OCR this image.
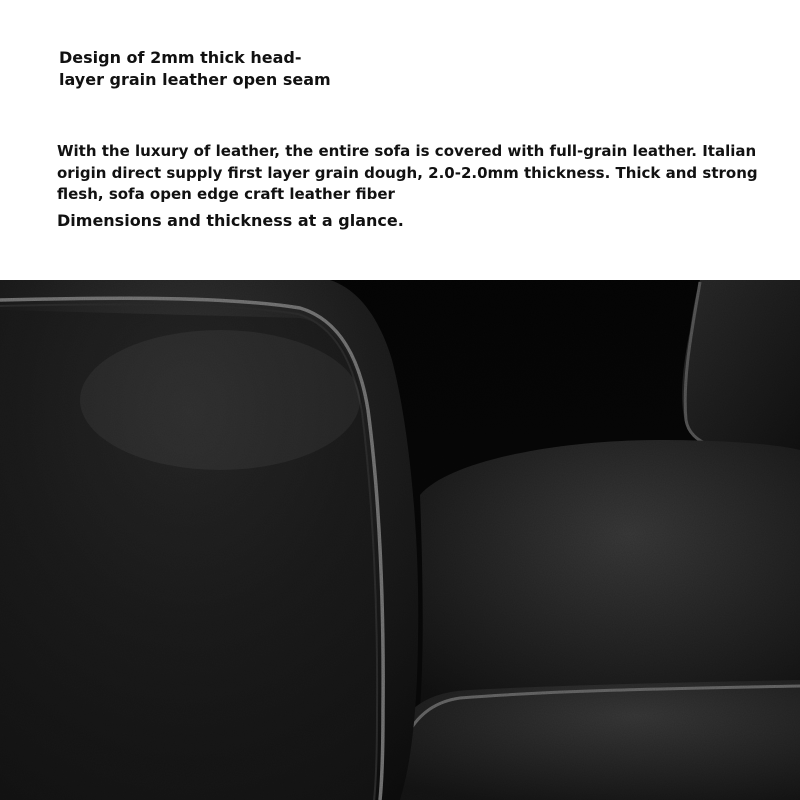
Design of 2mm thick head-
layer grain leather open seam

With the luxury of leather, the entire sofa is covered with full-grain leather. Italian
origin direct supply first layer grain dough, 2.0-2.0mm thickness. Thick and strong
flesh, sofa open edge craft leather fiber

Dimensions and thickness at a glance.
